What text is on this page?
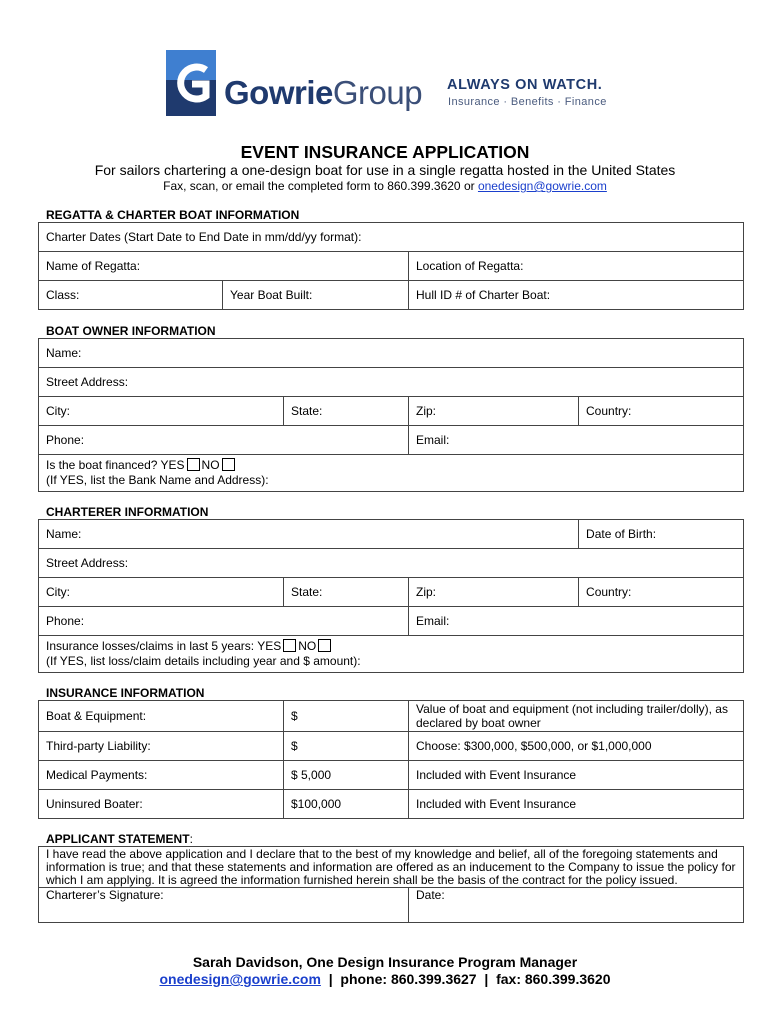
GowrieGroup ALWAYS ON WATCH.
Insurance · Benefits · Finance
EVENT INSURANCE APPLICATION
For sailors chartering a one-design boat for use in a single regatta hosted in the United States
Fax, scan, or email the completed form to 860.399.3620 or onedesign@gowrie.com
REGATTA & CHARTER BOAT INFORMATION
Charter Dates (Start Date to End Date in mm/dd/yy format):		
Name of Regatta:		Location of Regatta:
Class:	Year Boat Built:	Hull ID # of Charter Boat:
BOAT OWNER INFORMATION
Name:			
Street Address:			
City:	State:	Zip:	Country:
Phone:		Email:	
Is the boat financed? YES NO
(If YES, list the Bank Name and Address):			
CHARTERER INFORMATION
Name:			Date of Birth:
Street Address:			
City:	State:	Zip:	Country:
Phone:		Email:	
Insurance losses/claims in last 5 years: YES NO
(If YES, list loss/claim details including year and $ amount):			
INSURANCE INFORMATION
Boat & Equipment:	$	Value of boat and equipment (not including trailer/dolly), as declared by boat owner
Third-party Liability:	$	Choose: $300,000, $500,000, or $1,000,000
Medical Payments:	$ 5,000	Included with Event Insurance
Uninsured Boater:	$100,000	Included with Event Insurance
APPLICANT STATEMENT:
I have read the above application and I declare that to the best of my knowledge and belief, all of the foregoing statements and information is true; and that these statements and information are offered as an inducement to the Company to issue the policy for which I am applying. It is agreed the information furnished herein shall be the basis of the contract for the policy issued.
Charterer’s Signature:	Date:
Sarah Davidson, One Design Insurance Program Manager
onedesign@gowrie.com  |  phone: 860.399.3627  |  fax: 860.399.3620
